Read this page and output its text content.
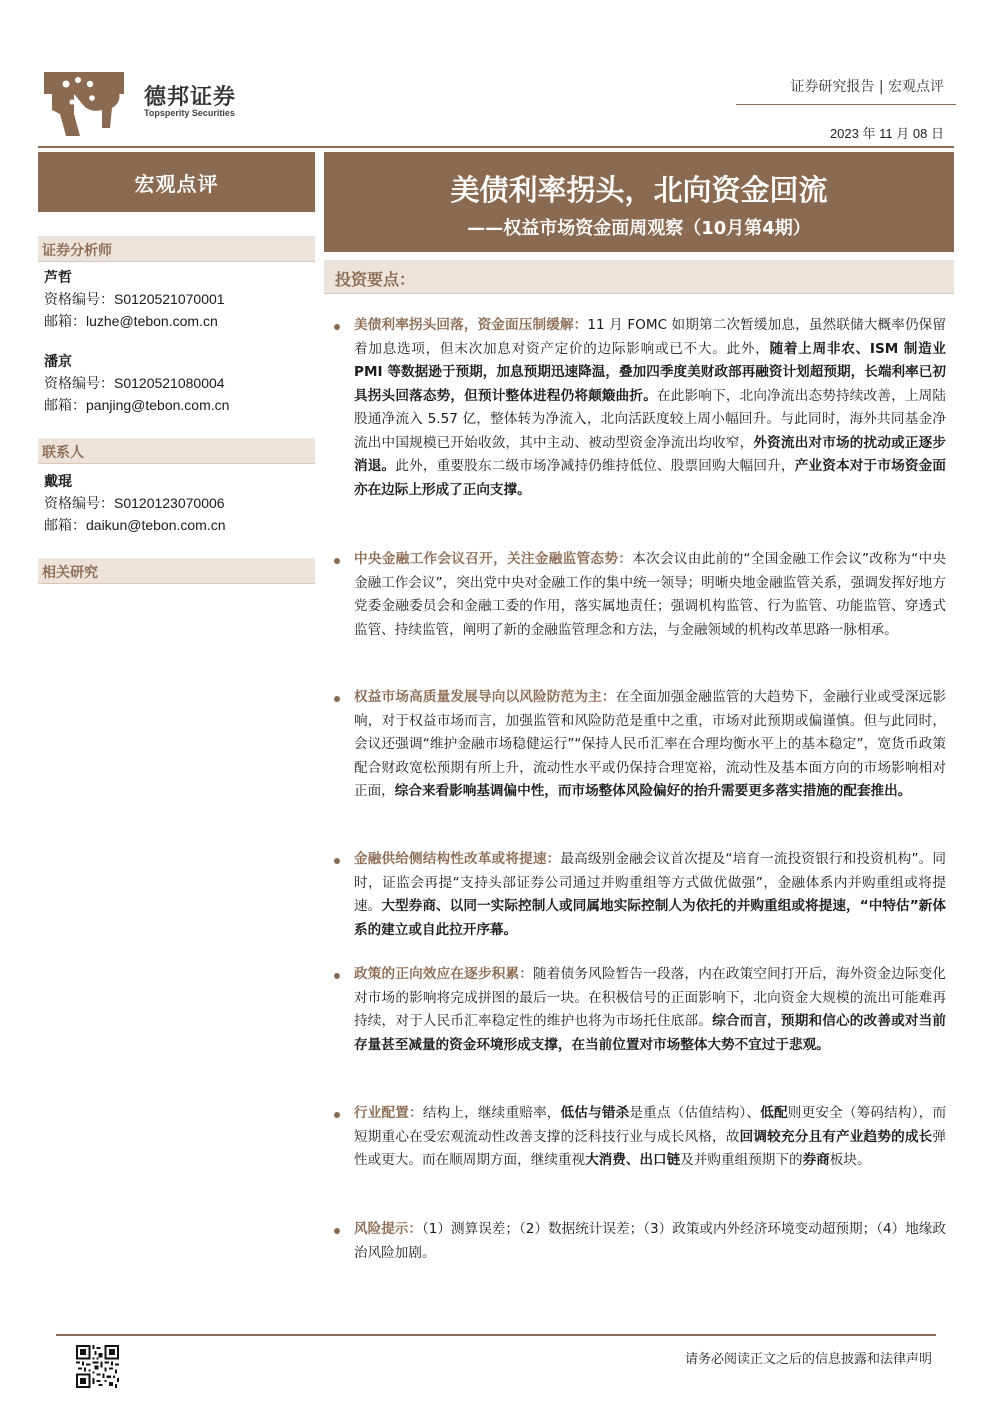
德邦证券
Topsperity Securities
证券研究报告 | 宏观点评
2023 年 11 月 08 日
宏观点评	美债利率拐头，北向资金回流
——权益市场资金面周观察（10月第4期）
证券分析师
芦哲
资格编号：S0120521070001
邮箱：luzhe@tebon.com.cn
潘京
资格编号：S0120521080004
邮箱：panjing@tebon.com.cn
联系人
戴琨
资格编号：S0120123070006
邮箱：daikun@tebon.com.cn
相关研究
投资要点：
美债利率拐头回落，资金面压制缓解：11 月 FOMC 如期第二次暂缓加息，虽然联储大概率仍保留着加息选项，但末次加息对资产定价的边际影响或已不大。此外，随着上周非农、ISM 制造业 PMI 等数据逊于预期，加息预期迅速降温，叠加四季度美财政部再融资计划超预期，长端利率已初具拐头回落态势，但预计整体进程仍将颠簸曲折。在此影响下，北向净流出态势持续改善，上周陆股通净流入 5.57 亿，整体转为净流入，北向活跃度较上周小幅回升。与此同时，海外共同基金净流出中国规模已开始收敛，其中主动、被动型资金净流出均收窄，外资流出对市场的扰动或正逐步消退。此外，重要股东二级市场净减持仍维持低位、股票回购大幅回升，产业资本对于市场资金面亦在边际上形成了正向支撑。
中央金融工作会议召开，关注金融监管态势：本次会议由此前的“全国金融工作会议”改称为“中央金融工作会议”，突出党中央对金融工作的集中统一领导；明晰央地金融监管关系，强调发挥好地方党委金融委员会和金融工委的作用，落实属地责任；强调机构监管、行为监管、功能监管、穿透式监管、持续监管，阐明了新的金融监管理念和方法，与金融领域的机构改革思路一脉相承。
权益市场高质量发展导向以风险防范为主：在全面加强金融监管的大趋势下，金融行业或受深远影响，对于权益市场而言，加强监管和风险防范是重中之重，市场对此预期或偏谨慎。但与此同时，会议还强调“维护金融市场稳健运行”“保持人民币汇率在合理均衡水平上的基本稳定”，宽货币政策配合财政宽松预期有所上升，流动性水平或仍保持合理宽裕，流动性及基本面方向的市场影响相对正面，综合来看影响基调偏中性，而市场整体风险偏好的抬升需要更多落实措施的配套推出。
金融供给侧结构性改革或将提速：最高级别金融会议首次提及“培育一流投资银行和投资机构”。同时，证监会再提“支持头部证券公司通过并购重组等方式做优做强”，金融体系内并购重组或将提速。大型券商、以同一实际控制人或同属地实际控制人为依托的并购重组或将提速，“中特估”新体系的建立或自此拉开序幕。
政策的正向效应在逐步积累：随着债务风险暂告一段落，内在政策空间打开后，海外资金边际变化对市场的影响将完成拼图的最后一块。在积极信号的正面影响下，北向资金大规模的流出可能难再持续，对于人民币汇率稳定性的维护也将为市场托住底部。综合而言，预期和信心的改善或对当前存量甚至减量的资金环境形成支撑，在当前位置对市场整体大势不宜过于悲观。
行业配置：结构上，继续重赔率，低估与错杀是重点（估值结构）、低配则更安全（筹码结构），而短期重心在受宏观流动性改善支撑的泛科技行业与成长风格，故回调较充分且有产业趋势的成长弹性或更大。而在顺周期方面，继续重视大消费、出口链及并购重组预期下的券商板块。
风险提示：（1）测算误差；（2）数据统计误差；（3）政策或内外经济环境变动超预期；（4）地缘政治风险加剧。
请务必阅读正文之后的信息披露和法律声明
